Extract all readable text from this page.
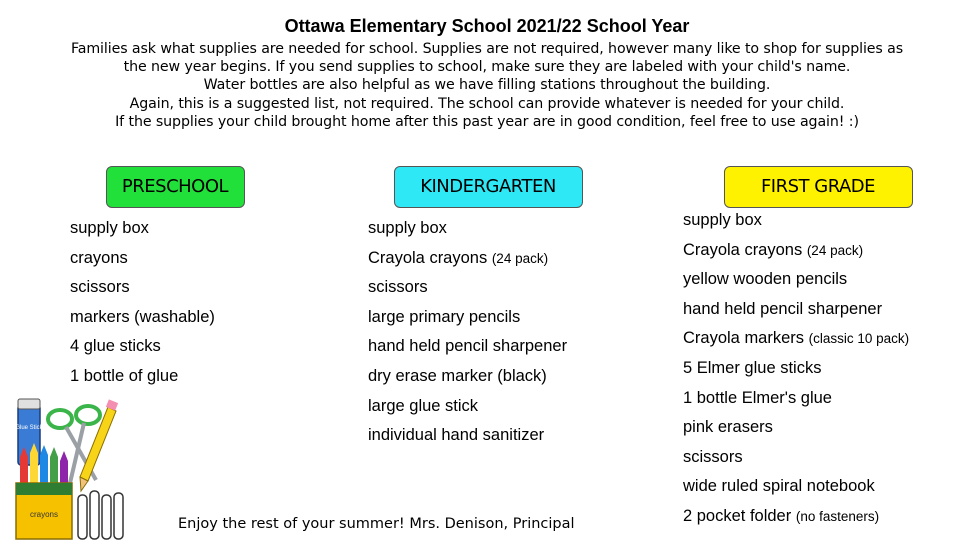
Ottawa Elementary School 2021/22 School Year
Families ask what supplies are needed for school. Supplies are not required, however many like to shop for supplies as
the new year begins. If you send supplies to school, make sure they are labeled with your child's name.
Water bottles are also helpful as we have filling stations throughout the building.
Again, this is a suggested list, not required. The school can provide whatever is needed for your child.
If the supplies your child brought home after this past year are in good condition, feel free to use again! :)
PRESCHOOL	KINDERGARTEN	FIRST GRADE
supply box
crayons
scissors
markers (washable)
4 glue sticks
1 bottle of glue
supply box
Crayola crayons (24 pack)
scissors
large primary pencils
hand held pencil sharpener
dry erase marker (black)
large glue stick
individual hand sanitizer
supply box
Crayola crayons (24 pack)
yellow wooden pencils
hand held pencil sharpener
Crayola markers (classic 10 pack)
5 Elmer glue sticks
1 bottle Elmer's glue
pink erasers
scissors
wide ruled spiral notebook
2 pocket folder (no fasteners)
Enjoy the rest of your summer! Mrs. Denison, Principal
Glue Stick
crayons
